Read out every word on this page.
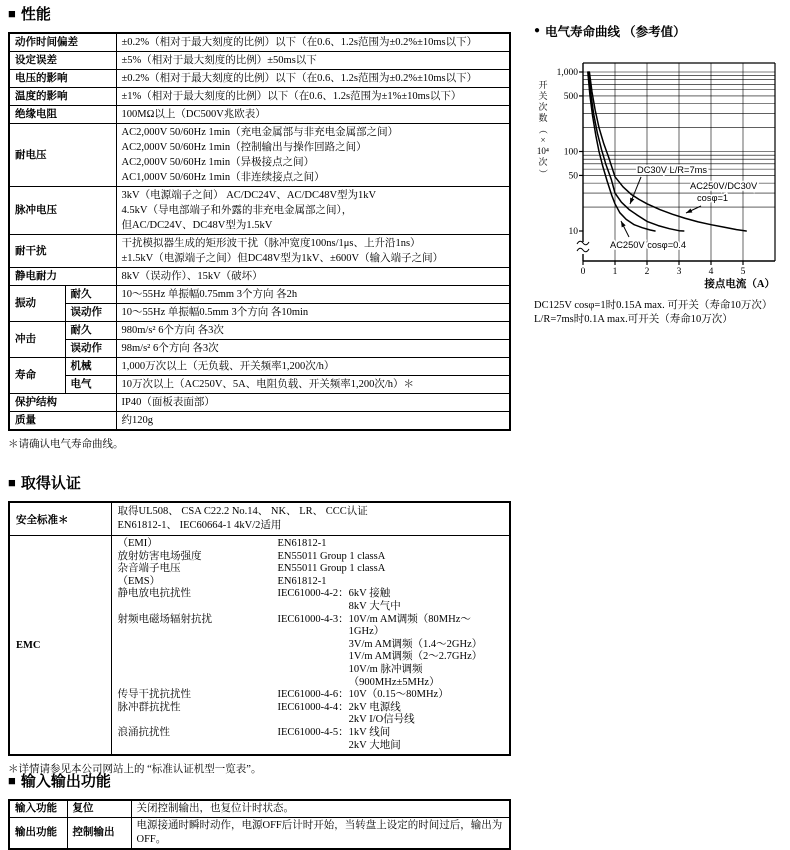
■ 性能
动作时间偏差		±0.2%（相对于最大刻度的比例）以下（在0.6、1.2s范围为±0.2%±10ms以下）
设定误差		±5%（相对于最大刻度的比例）±50ms以下
电压的影响		±0.2%（相对于最大刻度的比例）以下（在0.6、1.2s范围为±0.2%±10ms以下）
温度的影响		±1%（相对于最大刻度的比例）以下（在0.6、1.2s范围为±1%±10ms以下）
绝缘电阻		100MΩ以上（DC500V兆欧表）
耐电压		AC2,000V 50/60Hz 1min（充电金属部与非充电金属部之间）
AC2,000V 50/60Hz 1min（控制输出与操作回路之间）
AC2,000V 50/60Hz 1min（异极接点之间）
AC1,000V 50/60Hz 1min（非连续接点之间）
脉冲电压		3kV（电源端子之间） AC/DC24V、AC/DC48V型为1kV
4.5kV（导电部端子和外露的非充电金属部之间），
但AC/DC24V、DC48V型为1.5kV
耐干扰		干扰模拟器生成的矩形波干扰（脉冲宽度100ns/1μs、上升沿1ns）
±1.5kV（电源端子之间）但DC48V型为1kV、±600V（输入端子之间）
静电耐力		8kV（误动作）、15kV（破坏）
振动	耐久	10～55Hz 单振幅0.75mm 3个方向 各2h
	误动作	10～55Hz 单振幅0.5mm 3个方向 各10min
冲击	耐久	980m/s² 6个方向 各3次
	误动作	98m/s² 6个方向 各3次
寿命	机械	1,000万次以上（无负载、开关频率1,200次/h）
	电气	10万次以上（AC250V、5A、电阻负载、开关频率1,200次/h）＊
保护结构		IP40（面板表面部）
质量		约120g
＊请确认电气寿命曲线。
● 电气寿命曲线 （参考值）
1,000
500
100
50
10
0	1	2	3	4	5
AC250V cosφ=0.4
DC30V L/R=7ms
AC250V/DC30V
cosφ=1
开
关
次
数
（
×
10⁴
次
）
接点电流（A）
DC125V cosφ=1时0.15A max. 可开关（寿命10万次）
L/R=7ms时0.1A max.可开关（寿命10万次）
■ 取得认证
安全标准＊	取得UL508、 CSA C22.2 No.14、 NK、 LR、 CCC认证
EN61812-1、 IEC60664-1 4kV/2适用
EMC	
（EMI）	EN61812-1
放射妨害电场强度	EN55011 Group 1 classA
杂音端子电压	EN55011 Group 1 classA
（EMS）	EN61812-1
静电放电抗扰性	IEC61000-4-2： 6kV 接触
8kV 大气中
射频电磁场辐射抗扰	IEC61000-4-3： 10V/m AM调频（80MHz～1GHz）
3V/m AM调频（1.4～2GHz）
1V/m AM调频（2～2.7GHz）
10V/m 脉冲调频（900MHz±5MHz）
传导干扰抗扰性	IEC61000-4-6： 10V（0.15～80MHz）
脉冲群抗扰性	IEC61000-4-4： 2kV 电源线
2kV I/O信号线
浪涌抗扰性	IEC61000-4-5： 1kV 线间
2kV 大地间
＊详情请参见本公司网站上的 “标准认证机型一览表”。
■ 输入输出功能
输入功能	复位	关闭控制输出，也复位计时状态。
输出功能	控制输出	电源接通时瞬时动作，电源OFF后计时开始，当转盘上设定的时间过后，输出为OFF。
